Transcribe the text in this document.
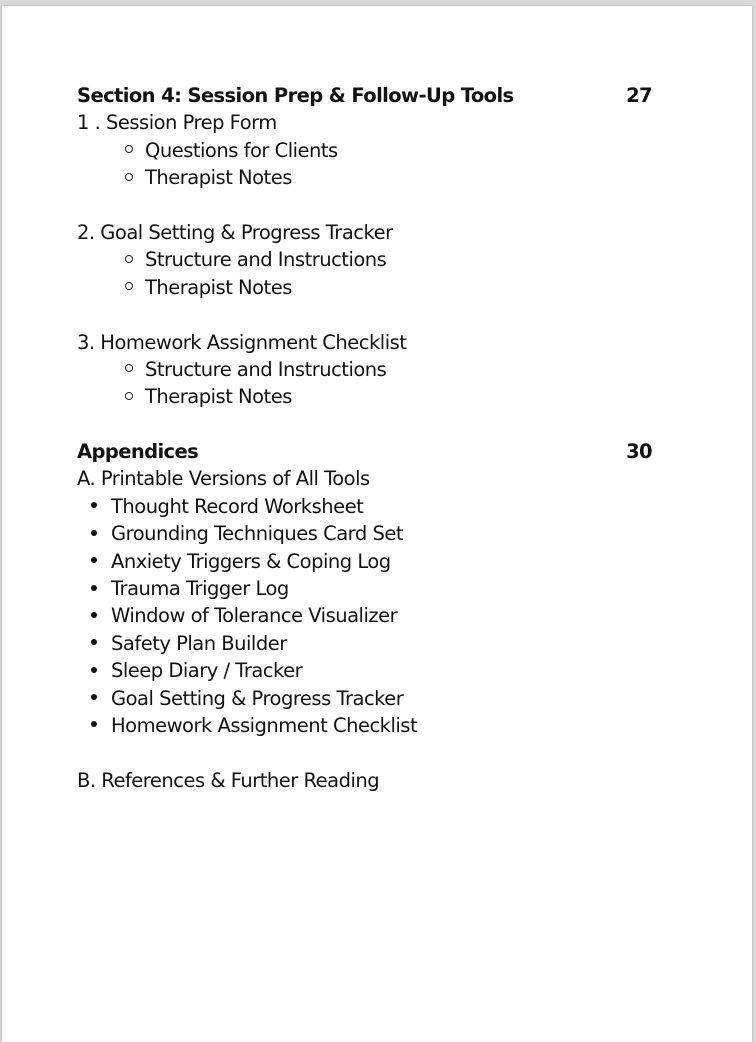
Section 4: Session Prep & Follow-Up Tools	27
1 . Session Prep Form
Questions for Clients
Therapist Notes
2. Goal Setting & Progress Tracker
Structure and Instructions
Therapist Notes
3. Homework Assignment Checklist
Structure and Instructions
Therapist Notes
Appendices	30
A. Printable Versions of All Tools
Thought Record Worksheet
Grounding Techniques Card Set
Anxiety Triggers & Coping Log
Trauma Trigger Log
Window of Tolerance Visualizer
Safety Plan Builder
Sleep Diary / Tracker
Goal Setting & Progress Tracker
Homework Assignment Checklist
B. References & Further Reading
